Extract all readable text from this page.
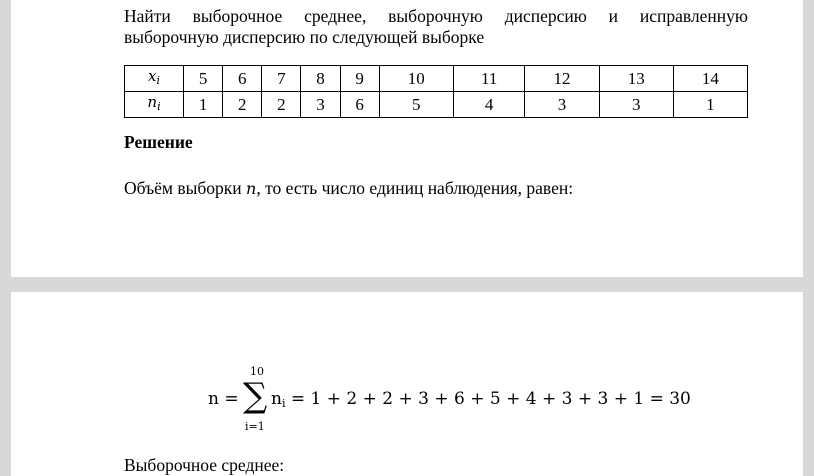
Найти выборочное среднее, выборочную дисперсию и исправленную
выборочную дисперсию по следующей выборке
$x_i$	5	6	7	8	9	10	11	12	13	14
$n_i$	1	2	2	3	6	5	4	3	3	1
Решение
Объём выборки n, то есть число единиц наблюдения, равен:
n =
10
∑
i=1
$n_i = 1 + 2 + 2 + 3 + 6 + 5 + 4 + 3 + 3 + 1 = 30$
Выборочное среднее:
